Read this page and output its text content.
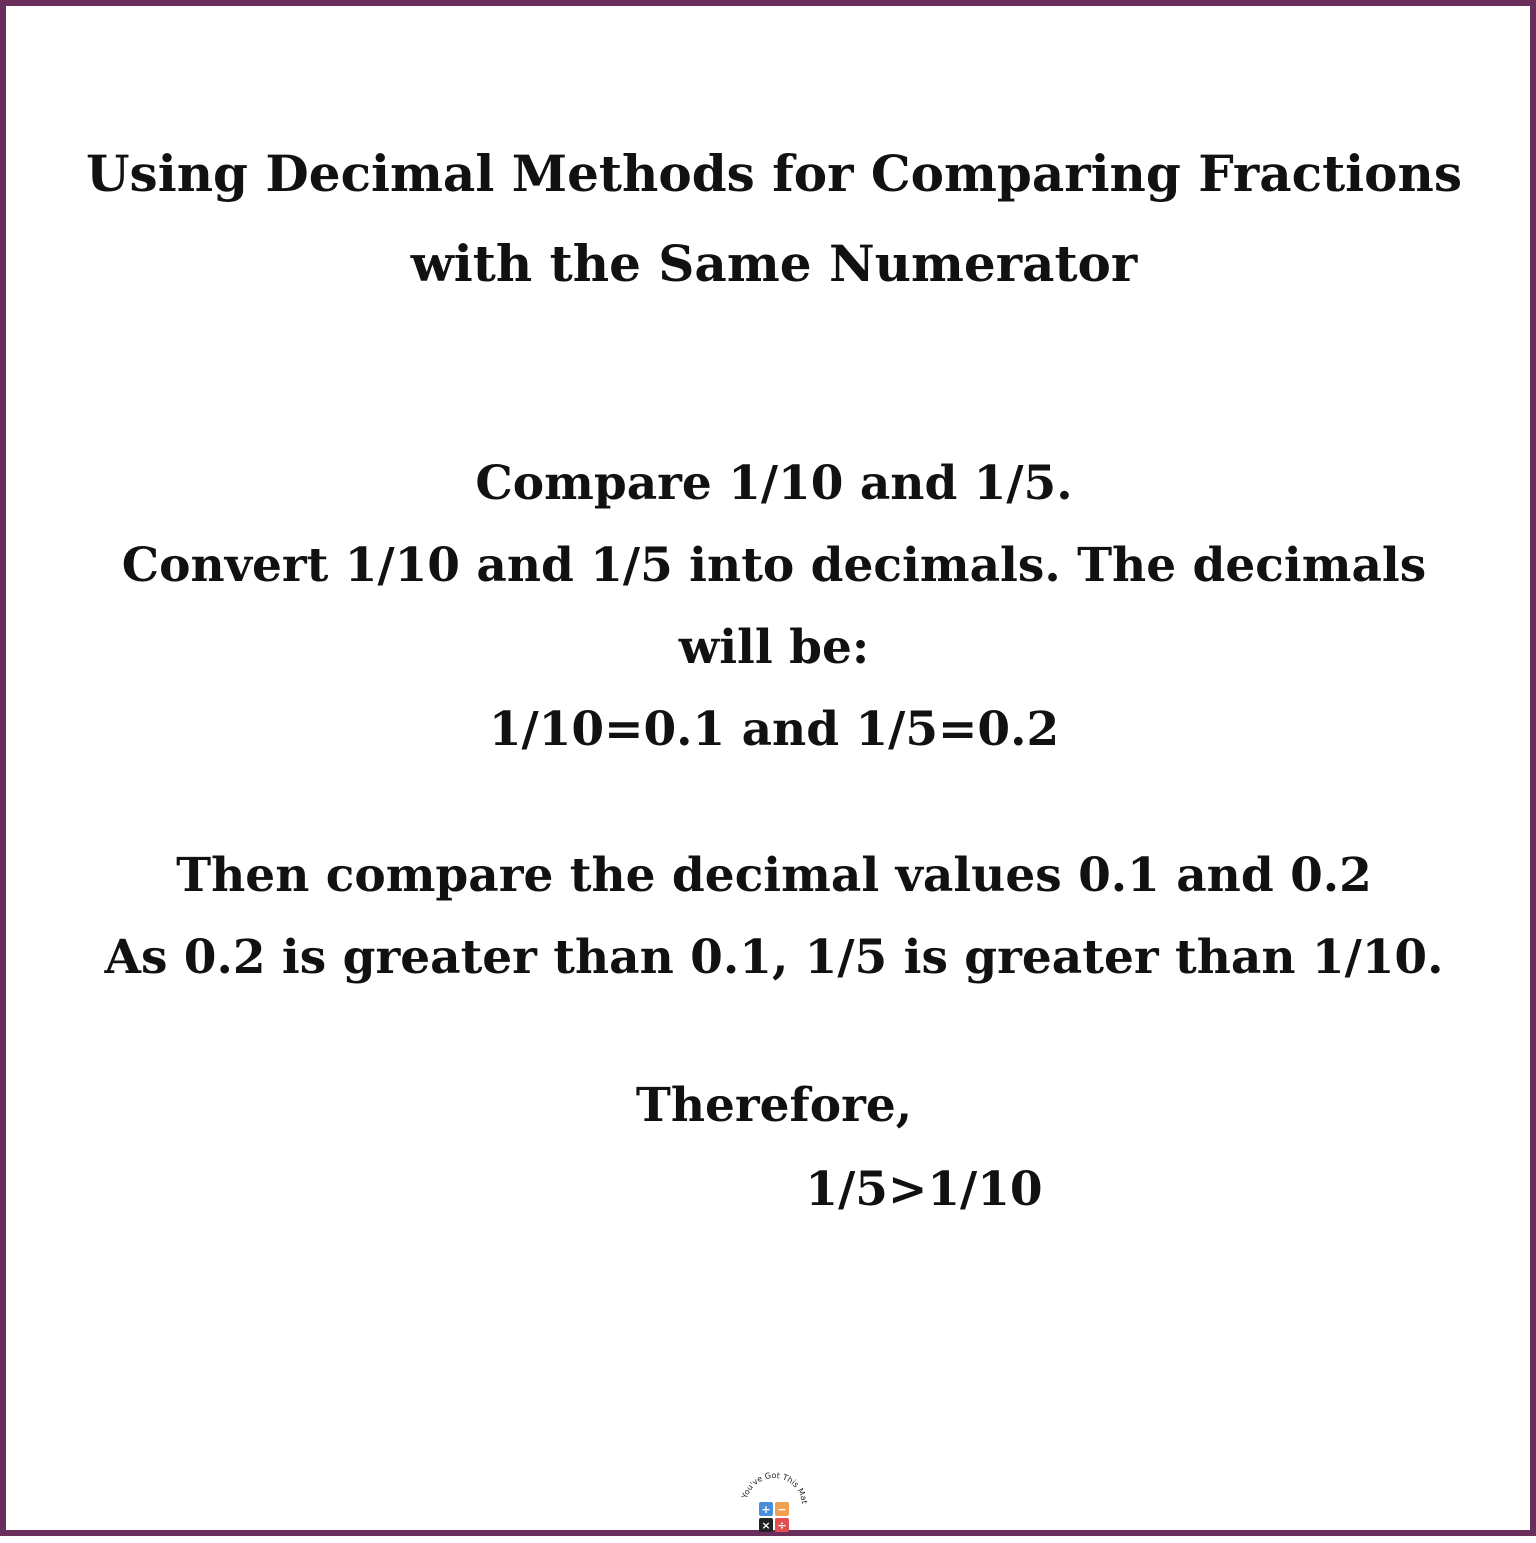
Using Decimal Methods for Comparing Fractions
with the Same Numerator
Compare 1/10 and 1/5.
Convert 1/10 and 1/5 into decimals. The decimals
will be:
1/10=0.1 and 1/5=0.2
Then compare the decimal values 0.1 and 0.2
As 0.2 is greater than 0.1, 1/5 is greater than 1/10.
Therefore,
1/5>1/10
You've Got This Mat
+ −
× ÷
